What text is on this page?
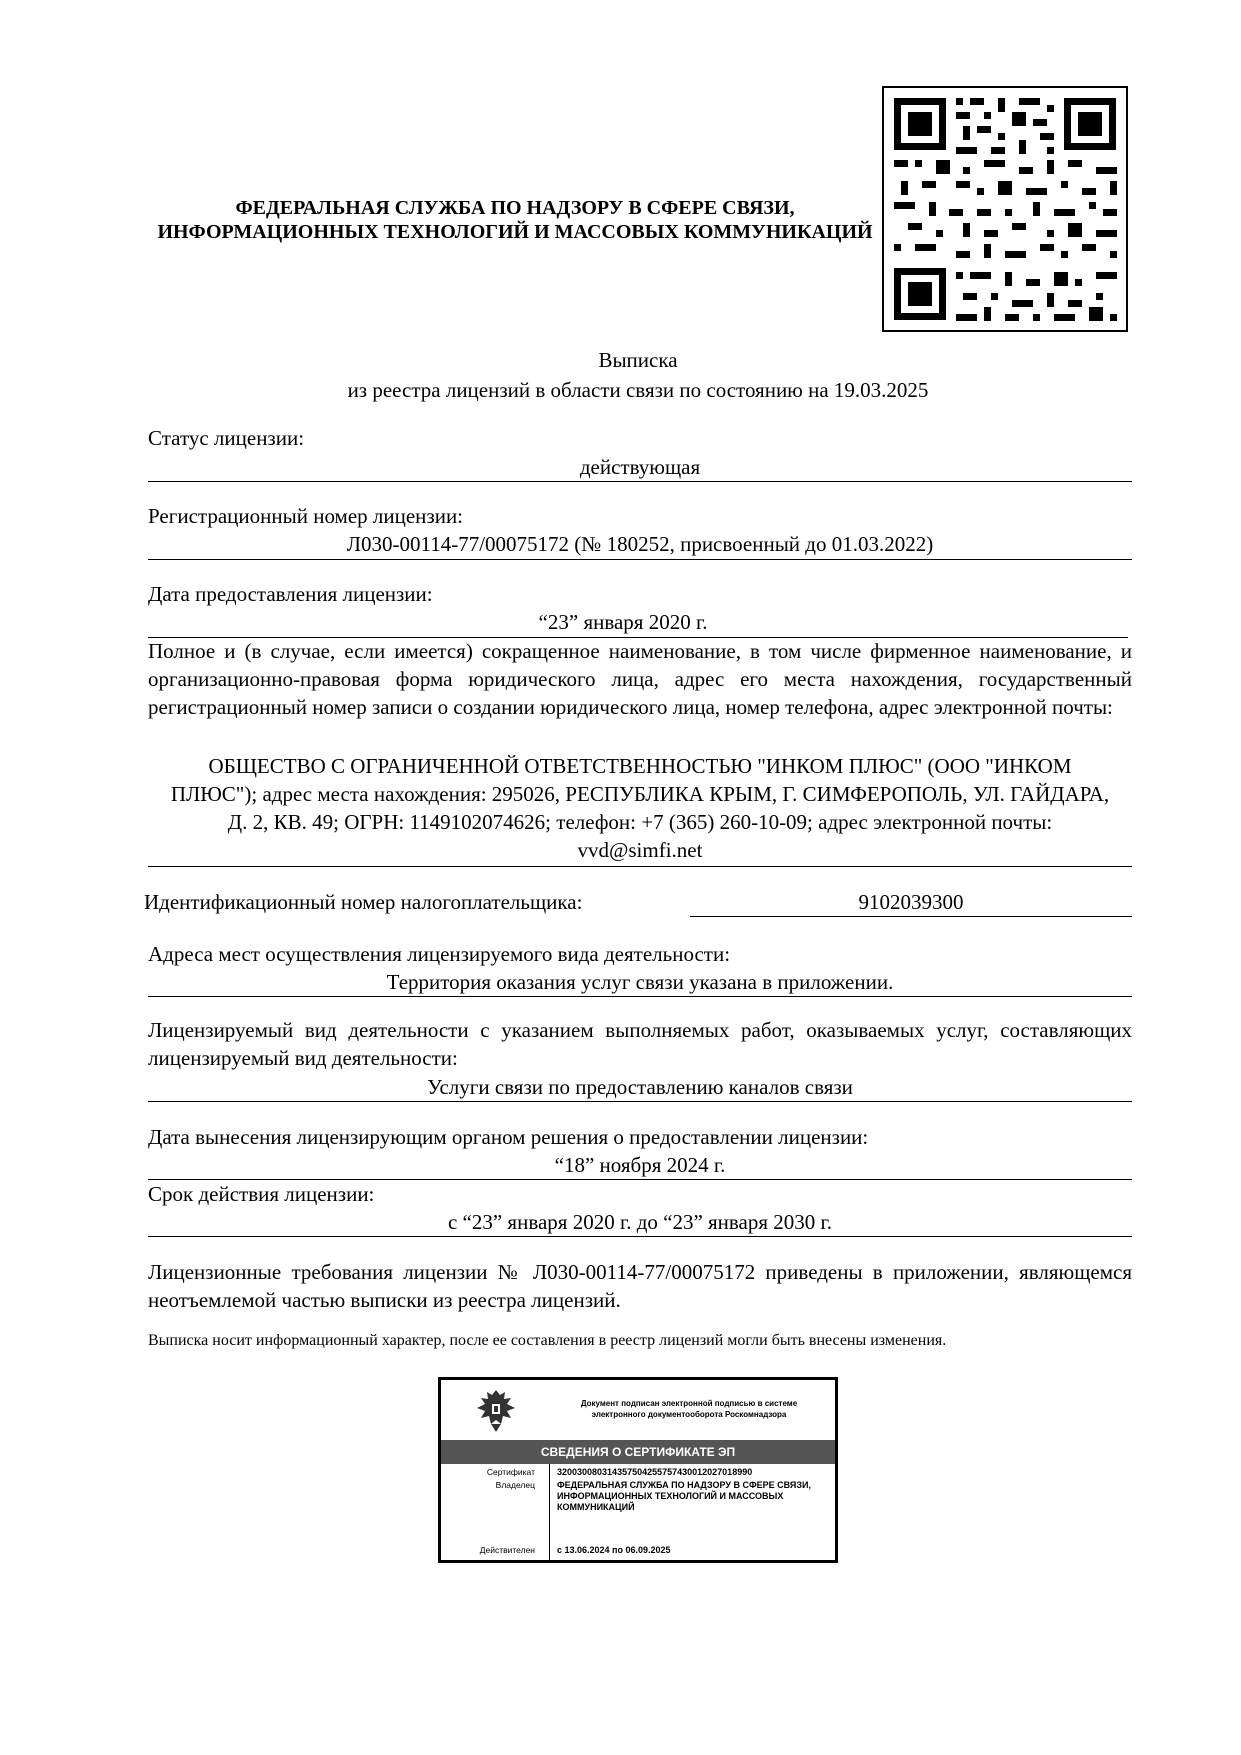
ФЕДЕРАЛЬНАЯ СЛУЖБА ПО НАДЗОРУ В СФЕРЕ СВЯЗИ, ИНФОРМАЦИОННЫХ ТЕХНОЛОГИЙ И МАССОВЫХ КОММУНИКАЦИЙ
Выписка
из реестра лицензий в области связи по состоянию на 19.03.2025
Статус лицензии:
действующая
Регистрационный номер лицензии:
Л030-00114-77/00075172 (№ 180252, присвоенный до 01.03.2022)
Дата предоставления лицензии:
“23” января 2020 г.
Полное и (в случае, если имеется) сокращенное наименование, в том числе фирменное наименование, и организационно-правовая форма юридического лица, адрес его места нахождения, государственный регистрационный номер записи о создании юридического лица, номер телефона, адрес электронной почты:
ОБЩЕСТВО С ОГРАНИЧЕННОЙ ОТВЕТСТВЕННОСТЬЮ "ИНКОМ ПЛЮС" (ООО "ИНКОМ ПЛЮС"); адрес места нахождения: 295026, РЕСПУБЛИКА КРЫМ, Г. СИМФЕРОПОЛЬ, УЛ. ГАЙДАРА, Д. 2, КВ. 49; ОГРН: 1149102074626; телефон: +7 (365) 260-10-09; адрес электронной почты: vvd@simfi.net
Идентификационный номер налогоплательщика:	9102039300
Адреса мест осуществления лицензируемого вида деятельности:
Территория оказания услуг связи указана в приложении.
Лицензируемый вид деятельности с указанием выполняемых работ, оказываемых услуг, составляющих лицензируемый вид деятельности:
Услуги связи по предоставлению каналов связи
Дата вынесения лицензирующим органом решения о предоставлении лицензии:
“18” ноября 2024 г.
Срок действия лицензии:
с “23” января 2020 г. до “23” января 2030 г.
Лицензионные требования лицензии № Л030-00114-77/00075172 приведены в приложении, являющемся неотъемлемой частью выписки из реестра лицензий.
Выписка носит информационный характер, после ее составления в реестр лицензий могли быть внесены изменения.
Документ подписан электронной подписью в системе электронного документооборота Роскомнадзора
СВЕДЕНИЯ О СЕРТИФИКАТЕ ЭП
Сертификат 320030080314357504255757430012027018990
Владелец ФЕДЕРАЛЬНАЯ СЛУЖБА ПО НАДЗОРУ В СФЕРЕ СВЯЗИ, ИНФОРМАЦИОННЫХ ТЕХНОЛОГИЙ И МАССОВЫХ КОММУНИКАЦИЙ
Действителен с 13.06.2024 по 06.09.2025
